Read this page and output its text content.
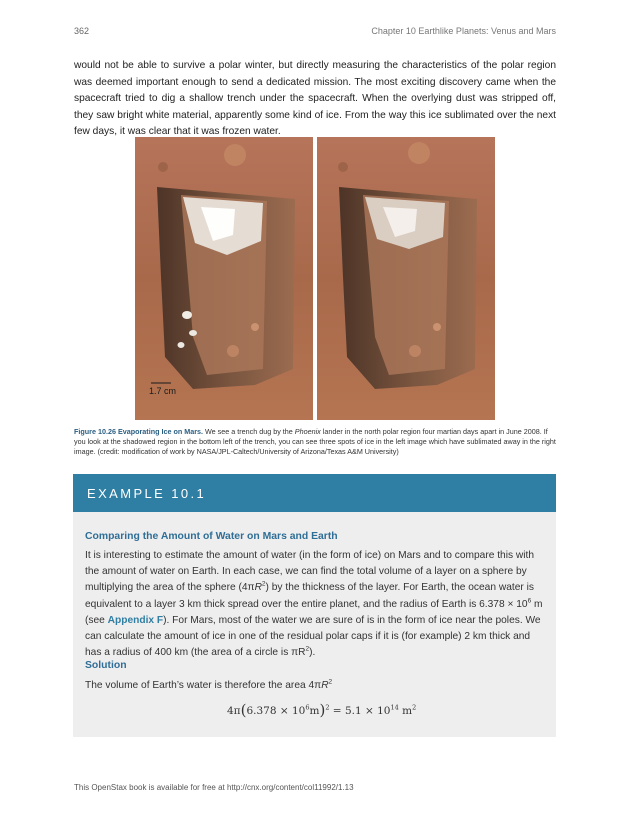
362	Chapter 10 Earthlike Planets: Venus and Mars

would not be able to survive a polar winter, but directly measuring the characteristics of the polar region was deemed important enough to send a dedicated mission. The most exciting discovery came when the spacecraft tried to dig a shallow trench under the spacecraft. When the overlying dust was stripped off, they saw bright white material, apparently some kind of ice. From the way this ice sublimated over the next few days, it was clear that it was frozen water.

1.7 cm

Figure 10.26 Evaporating Ice on Mars. We see a trench dug by the Phoenix lander in the north polar region four martian days apart in June 2008. If you look at the shadowed region in the bottom left of the trench, you can see three spots of ice in the left image which have sublimated away in the right image. (credit: modification of work by NASA/JPL-Caltech/University of Arizona/Texas A&M University)

EXAMPLE 10.1
Comparing the Amount of Water on Mars and Earth

It is interesting to estimate the amount of water (in the form of ice) on Mars and to compare this with the amount of water on Earth. In each case, we can find the total volume of a layer on a sphere by multiplying the area of the sphere $(4\pi R^2)$ by the thickness of the layer. For Earth, the ocean water is equivalent to a layer 3 km thick spread over the entire planet, and the radius of Earth is $6.378 \times 10^6$ m (see Appendix F). For Mars, most of the water we are sure of is in the form of ice near the poles. We can calculate the amount of ice in one of the residual polar caps if it is (for example) 2 km thick and has a radius of 400 km (the area of a circle is $\pi R^2$).

Solution
The volume of Earth’s water is therefore the area $4\pi R^2$
$4\pi(6.378 \times 10^6m)^2 = 5.1 \times 10^{14}$ $m^2$
This OpenStax book is available for free at http://cnx.org/content/col11992/1.13
